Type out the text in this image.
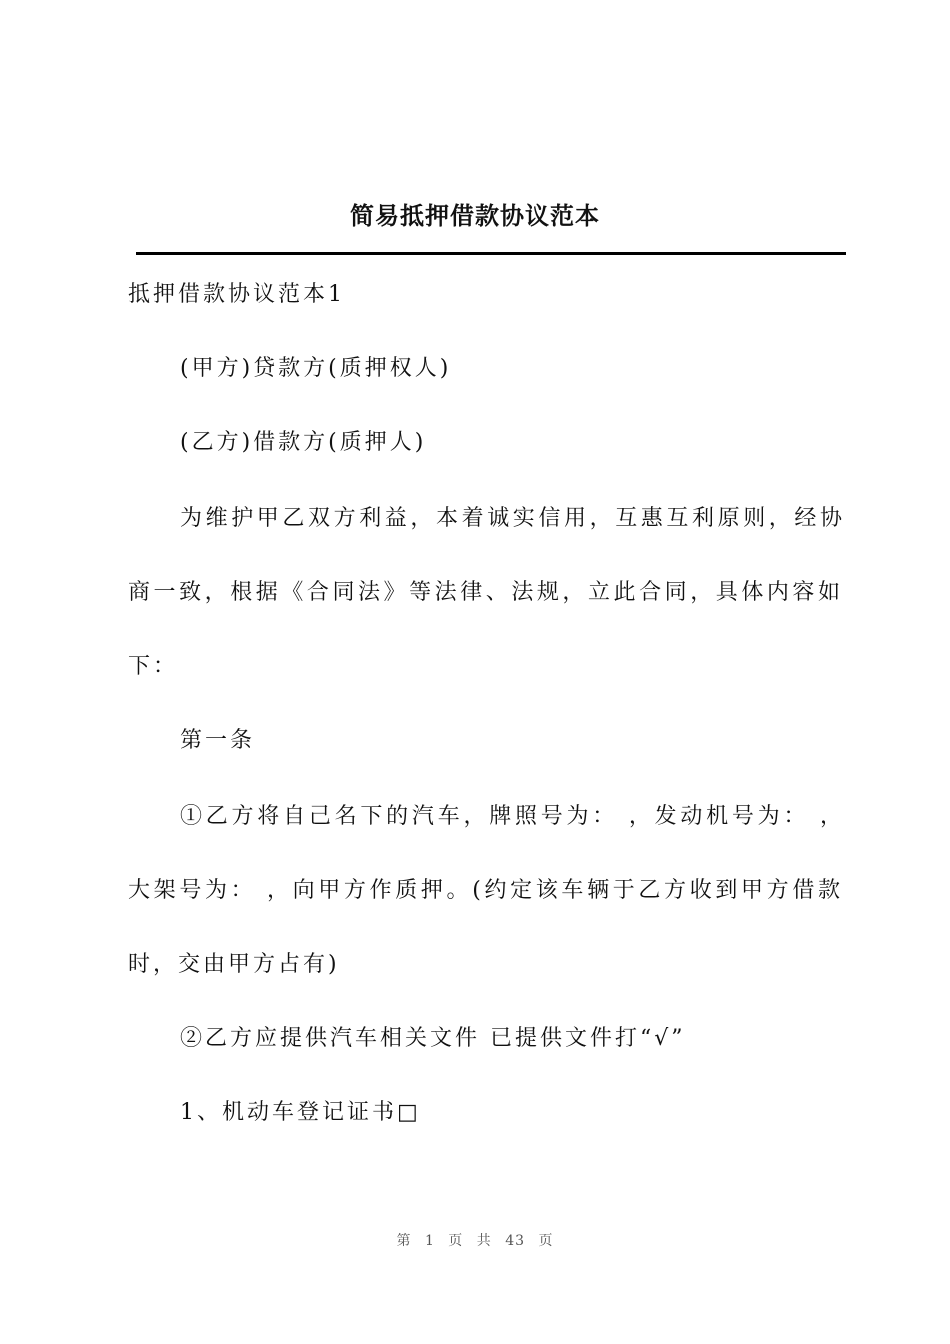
简易抵押借款协议范本
抵押借款协议范本1
(甲方)贷款方(质押权人)
(乙方)借款方(质押人)
为维护甲乙双方利益，本着诚实信用，互惠互利原则，经协
商一致，根据《合同法》等法律、法规，立此合同，具体内容如
下：
第一条
①乙方将自己名下的汽车，牌照号为： ，发动机号为： ，
大架号为： ，向甲方作质押。(约定该车辆于乙方收到甲方借款
时，交由甲方占有)
②乙方应提供汽车相关文件 已提供文件打“√”
1、机动车登记证书□
第 1 页 共 43 页
